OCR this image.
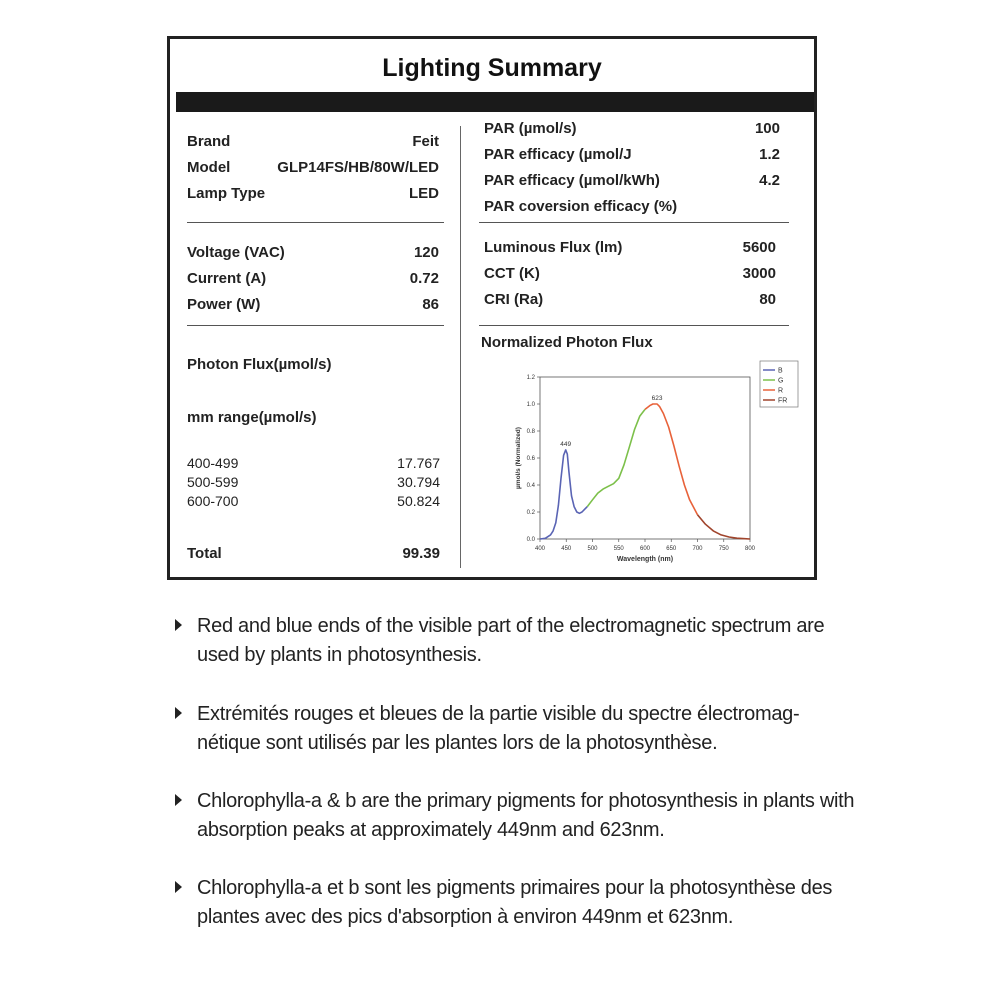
Lighting Summary
Brand	Feit
Model	GLP14FS/HB/80W/LED
Lamp Type	LED
Voltage (VAC)	120
Current (A)	0.72
Power (W)	86
Photon Flux(µmol/s)
mm range(µmol/s)
400-499	17.767
500-599	30.794
600-700	50.824
Total	99.39
PAR (µmol/s)	100
PAR efficacy (µmol/J	1.2
PAR efficacy (µmol/kWh)	4.2
PAR coversion efficacy (%)
Luminous Flux (lm)	5600
CCT (K)	3000
CRI (Ra)	80
Normalized Photon Flux
400	450	500	550	600	650	700	750	800
0.0
0.2
0.4
0.6
0.8
1.0
1.2
Wavelength (nm)
µmol/s (Normalized)	449
623
B
G
R
FR
Red and blue ends of the visible part of the electromagnetic spectrum are used by plants in photosynthesis.
Extrémités rouges et bleues de la partie visible du spectre électromag-nétique sont utilisés par les plantes lors de la photosynthèse.
Chlorophylla-a & b are the primary pigments for photosynthesis in plants with absorption peaks at approximately 449nm and 623nm.
Chlorophylla-a et b sont les pigments primaires pour la photosynthèse des plantes avec des pics d'absorption à environ 449nm et 623nm.
